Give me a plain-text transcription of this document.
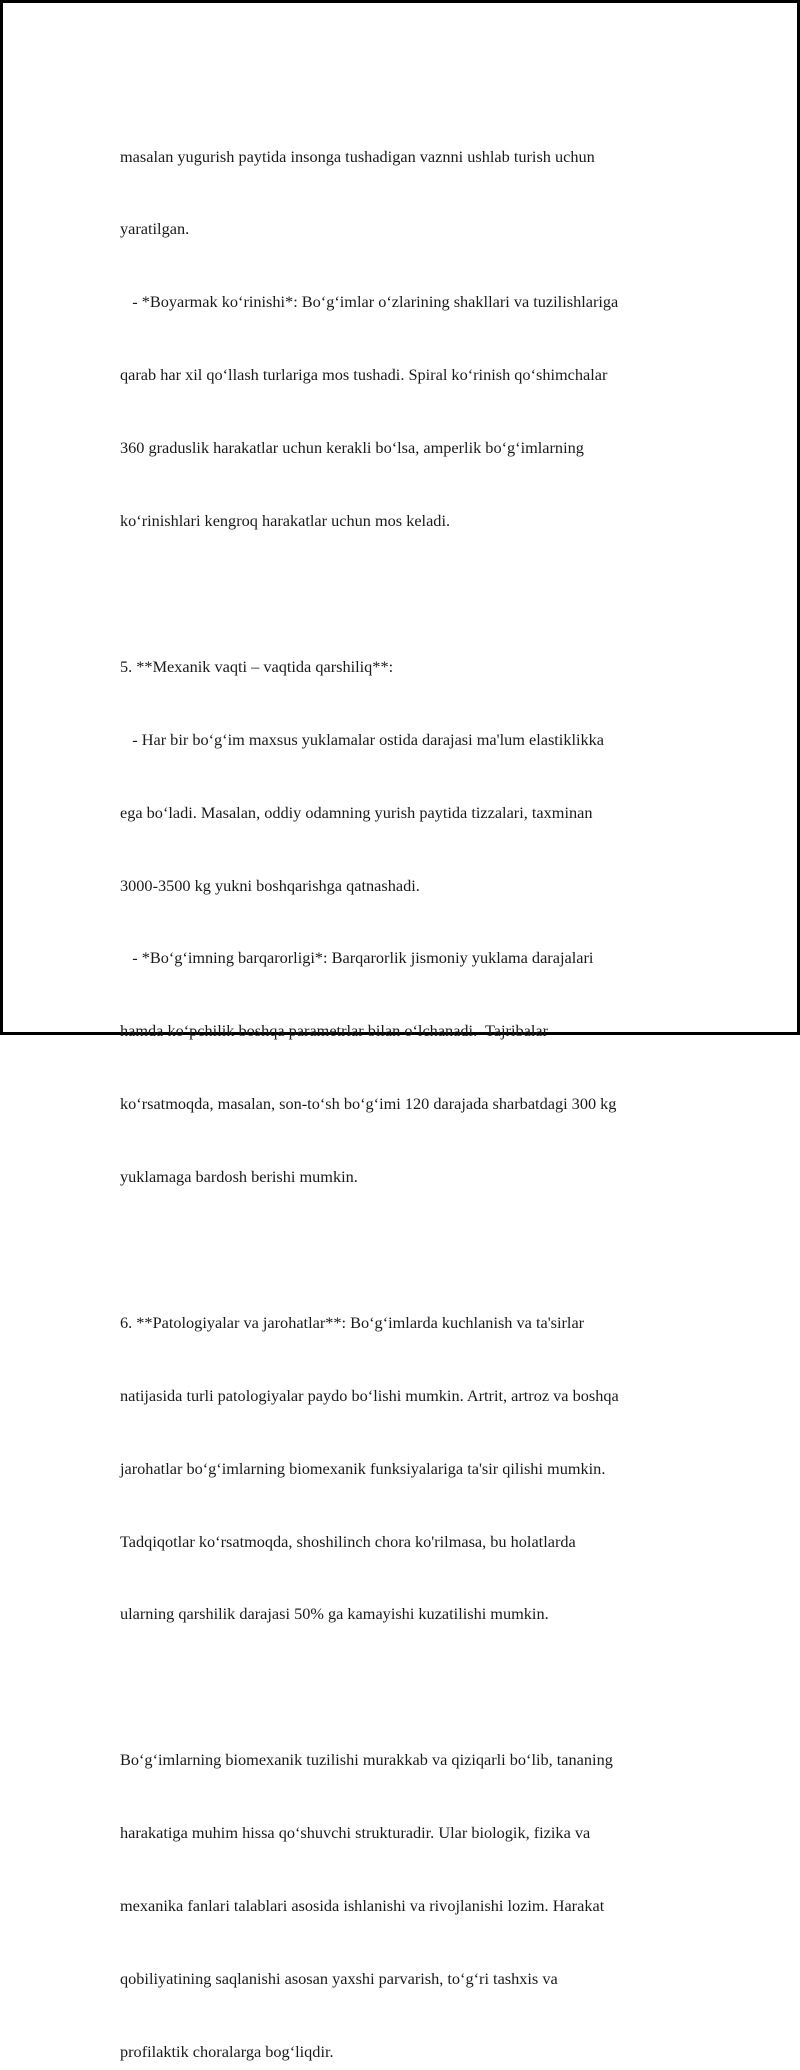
masalan yugurish paytida insonga tushadigan vaznni ushlab turish uchun

yaratilgan.

- *Boyarmak ko‘rinishi*: Bo‘g‘imlar o‘zlarining shakllari va tuzilishlariga

qarab har xil qo‘llash turlariga mos tushadi. Spiral ko‘rinish qo‘shimchalar

360 graduslik harakatlar uchun kerakli bo‘lsa, amperlik bo‘g‘imlarning

ko‘rinishlari kengroq harakatlar uchun mos keladi.

5. **Mexanik vaqti – vaqtida qarshiliq**:

- Har bir bo‘g‘im maxsus yuklamalar ostida darajasi ma'lum elastiklikka

ega bo‘ladi. Masalan, oddiy odamning yurish paytida tizzalari, taxminan

3000-3500 kg yukni boshqarishga qatnashadi.

- *Bo‘g‘imning barqarorligi*: Barqarorlik jismoniy yuklama darajalari

hamda ko‘pchilik boshqa parametrlar bilan o‘lchanadi.  Tajribalar

ko‘rsatmoqda, masalan, son-to‘sh bo‘g‘imi 120 darajada sharbatdagi 300 kg

yuklamaga bardosh berishi mumkin.

6. **Patologiyalar va jarohatlar**: Bo‘g‘imlarda kuchlanish va ta'sirlar

natijasida turli patologiyalar paydo bo‘lishi mumkin. Artrit, artroz va boshqa

jarohatlar bo‘g‘imlarning biomexanik funksiyalariga ta'sir qilishi mumkin.

Tadqiqotlar ko‘rsatmoqda, shoshilinch chora ko'rilmasa, bu holatlarda

ularning qarshilik darajasi 50% ga kamayishi kuzatilishi mumkin.

Bo‘g‘imlarning biomexanik tuzilishi murakkab va qiziqarli bo‘lib, tananing

harakatiga muhim hissa qo‘shuvchi strukturadir. Ular biologik, fizika va

mexanika fanlari talablari asosida ishlanishi va rivojlanishi lozim. Harakat

qobiliyatining saqlanishi asosan yaxshi parvarish, to‘g‘ri tashxis va

profilaktik choralarga bog‘liqdir.
